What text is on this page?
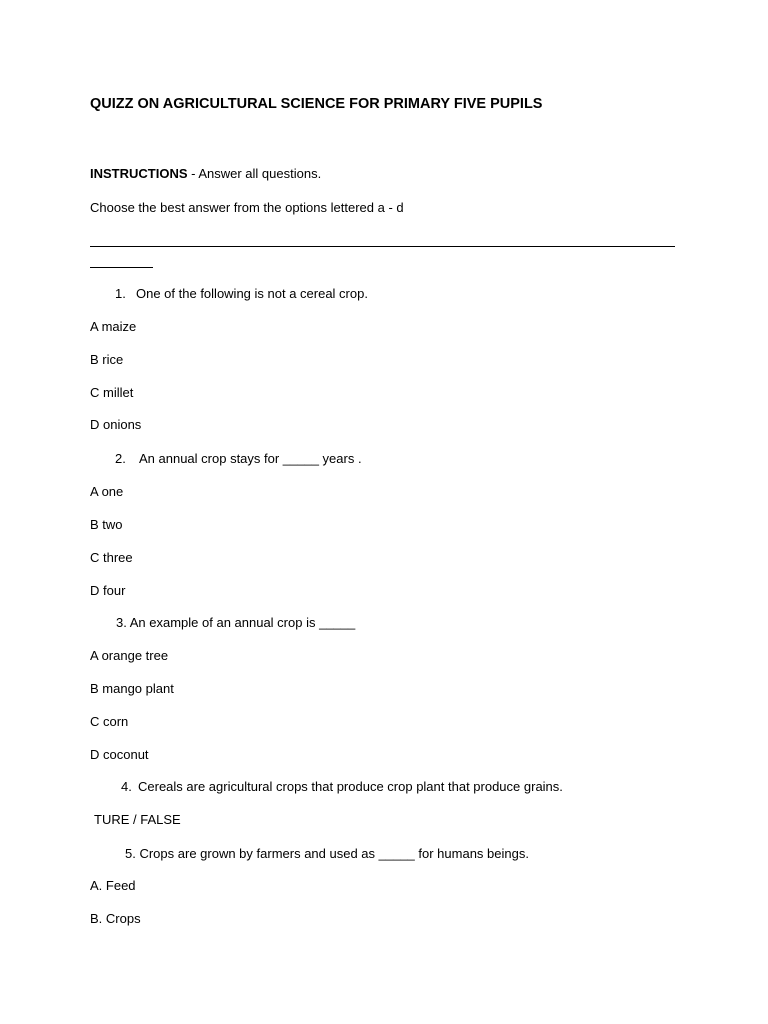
QUIZZ ON AGRICULTURAL SCIENCE FOR PRIMARY FIVE PUPILS
INSTRUCTIONS - Answer all questions.
Choose the best answer from the options lettered a - d
1. One of the following is not a cereal crop.
A maize
B rice
C millet
D onions
2. An annual crop stays for _____ years .
A one
B two
C three
D four
3. An example of an annual crop is _____
A orange tree
B mango plant
C corn
D coconut
4. Cereals are agricultural crops that produce crop plant that produce grains.
TURE / FALSE
5. Crops are grown by farmers and used as _____ for humans beings.
A. Feed
B. Crops
